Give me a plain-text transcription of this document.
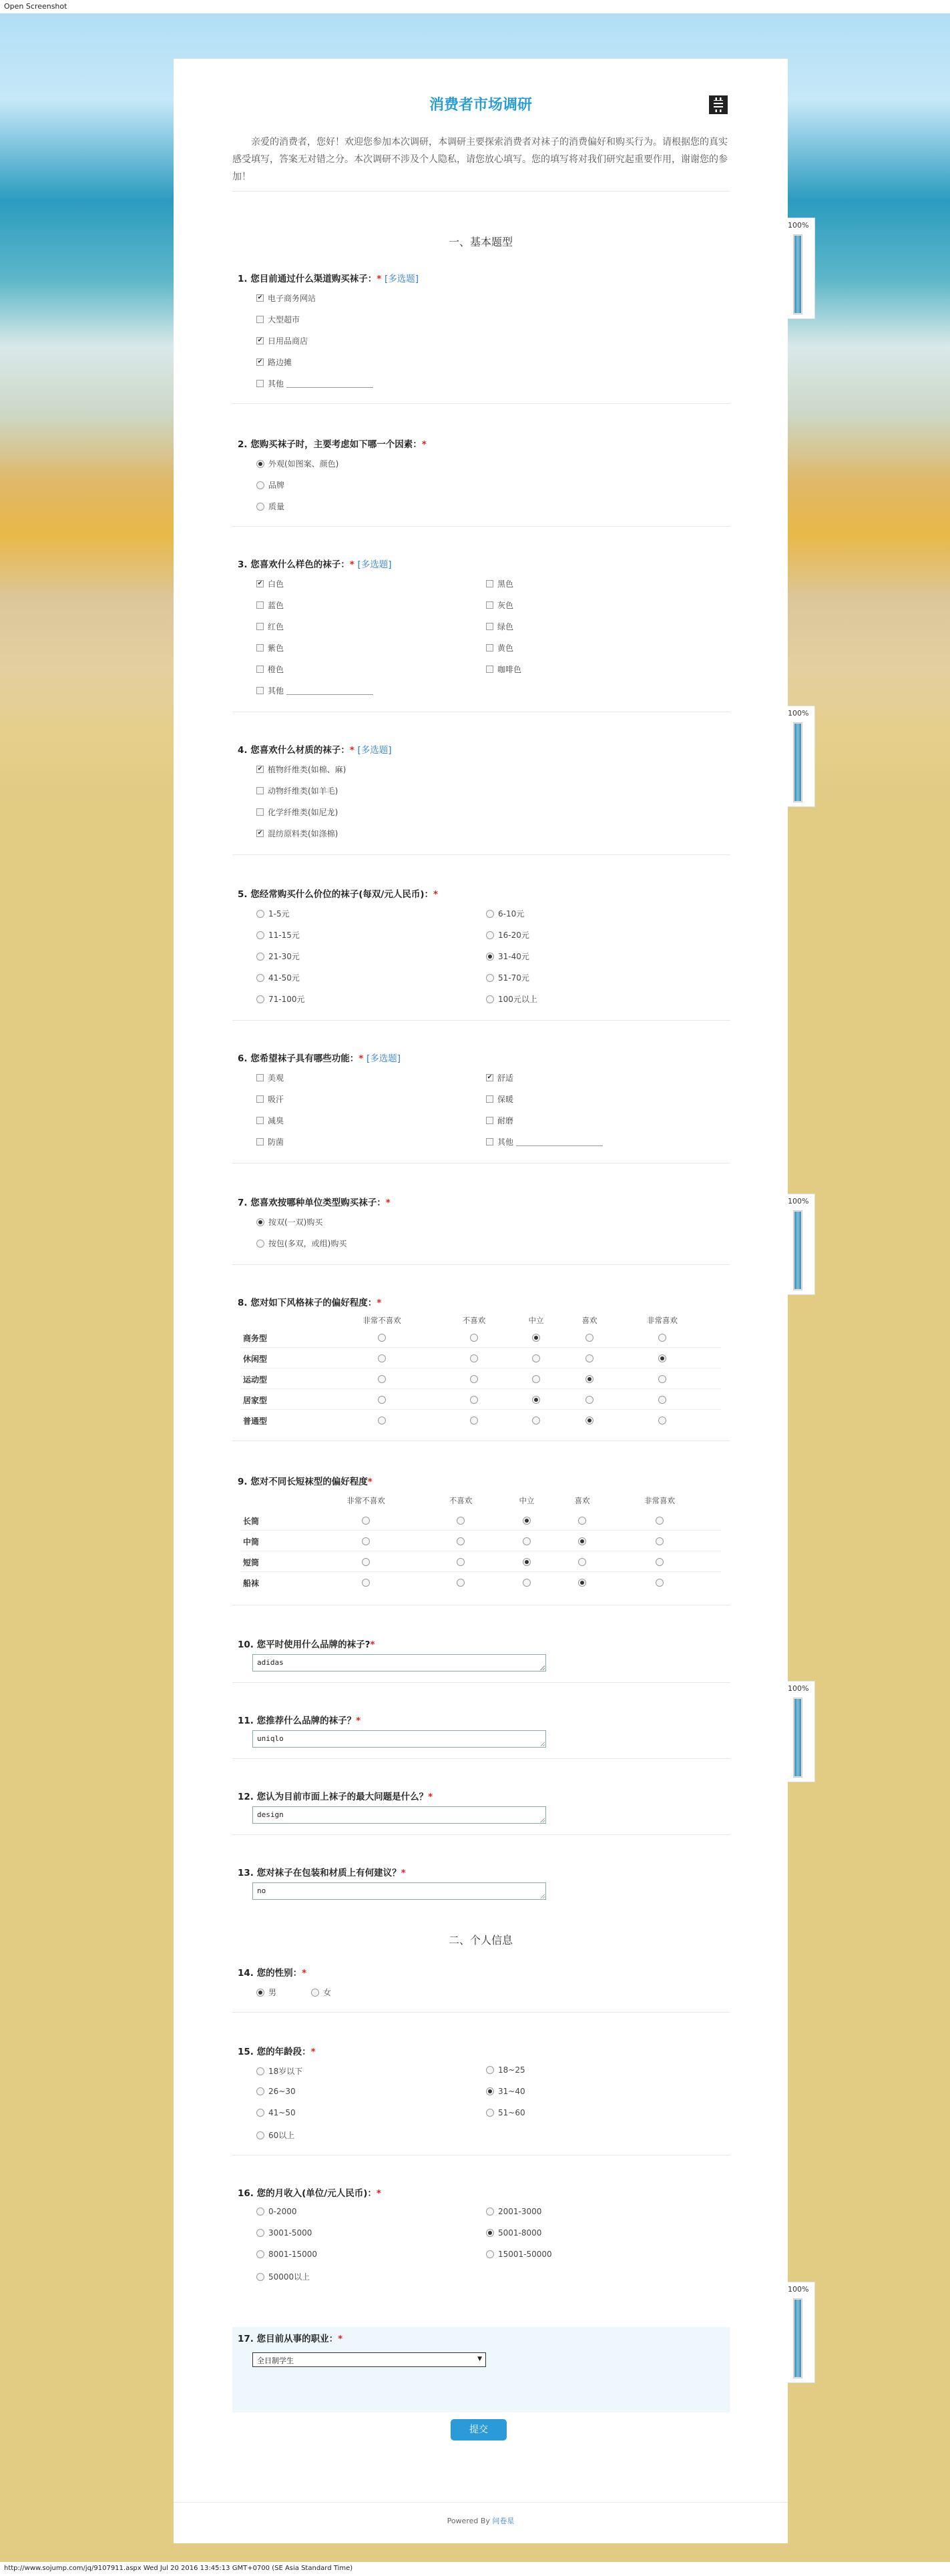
Open Screenshot
100%
100%
100%
100%
100%
消费者市场调研
亲爱的消费者，您好！欢迎您参加本次调研，本调研主要探索消费者对袜子的消费偏好和购买行为。请根据您的真实感受填写，答案无对错之分。本次调研不涉及个人隐私，请您放心填写。您的填写将对我们研究起重要作用，谢谢您的参加！
一、基本题型
1. 您目前通过什么渠道购买袜子：* [多选题]
✔
电子商务网站
大型超市
✔
日用品商店
✔
路边摊
其他
2. 您购买袜子时，主要考虑如下哪一个因素：*
外观(如图案、颜色)
品牌
质量
3. 您喜欢什么样色的袜子：* [多选题]
✔
白色	黑色
蓝色	灰色
红色	绿色
紫色	黄色
橙色	咖啡色
其他
4. 您喜欢什么材质的袜子：* [多选题]
✔
植物纤维类(如棉、麻)
动物纤维类(如羊毛)
化学纤维类(如尼龙)
✔
混纺原料类(如涤棉)
5. 您经常购买什么价位的袜子(每双/元人民币)：*
1-5元	6-10元
11-15元	16-20元
21-30元	31-40元
41-50元	51-70元
71-100元	100元以上
6. 您希望袜子具有哪些功能：* [多选题]
美观
✔	舒适
吸汗	保暖
减臭	耐磨
防菌	其他
7. 您喜欢按哪种单位类型购买袜子：*
按双(一双)购买
按包(多双，或组)购买
8. 您对如下风格袜子的偏好程度：*
非常不喜欢	不喜欢	中立	喜欢	非常喜欢
商务型
休闲型
运动型
居家型
普通型
9. 您对不同长短袜型的偏好程度*
非常不喜欢	不喜欢	中立	喜欢	非常喜欢
长筒
中筒
短筒
船袜
10. 您平时使用什么品牌的袜子?*
adidas
11. 您推荐什么品牌的袜子？*
uniqlo
12. 您认为目前市面上袜子的最大问题是什么？*
design
13. 您对袜子在包装和材质上有何建议？*
no
二、个人信息
14. 您的性别：*
男	女
15. 您的年龄段：*
18岁以下	18~25
26~30	31~40
41~50	51~60
60以上
16. 您的月收入(单位/元人民币)：*
0-2000	2001-3000
3001-5000	5001-8000
8001-15000	15001-50000
50000以上
17. 您目前从事的职业：*
全日制学生	▼
提交
Powered By 问卷星
http://www.sojump.com/jq/9107911.aspx Wed Jul 20 2016 13:45:13 GMT+0700 (SE Asia Standard Time)
